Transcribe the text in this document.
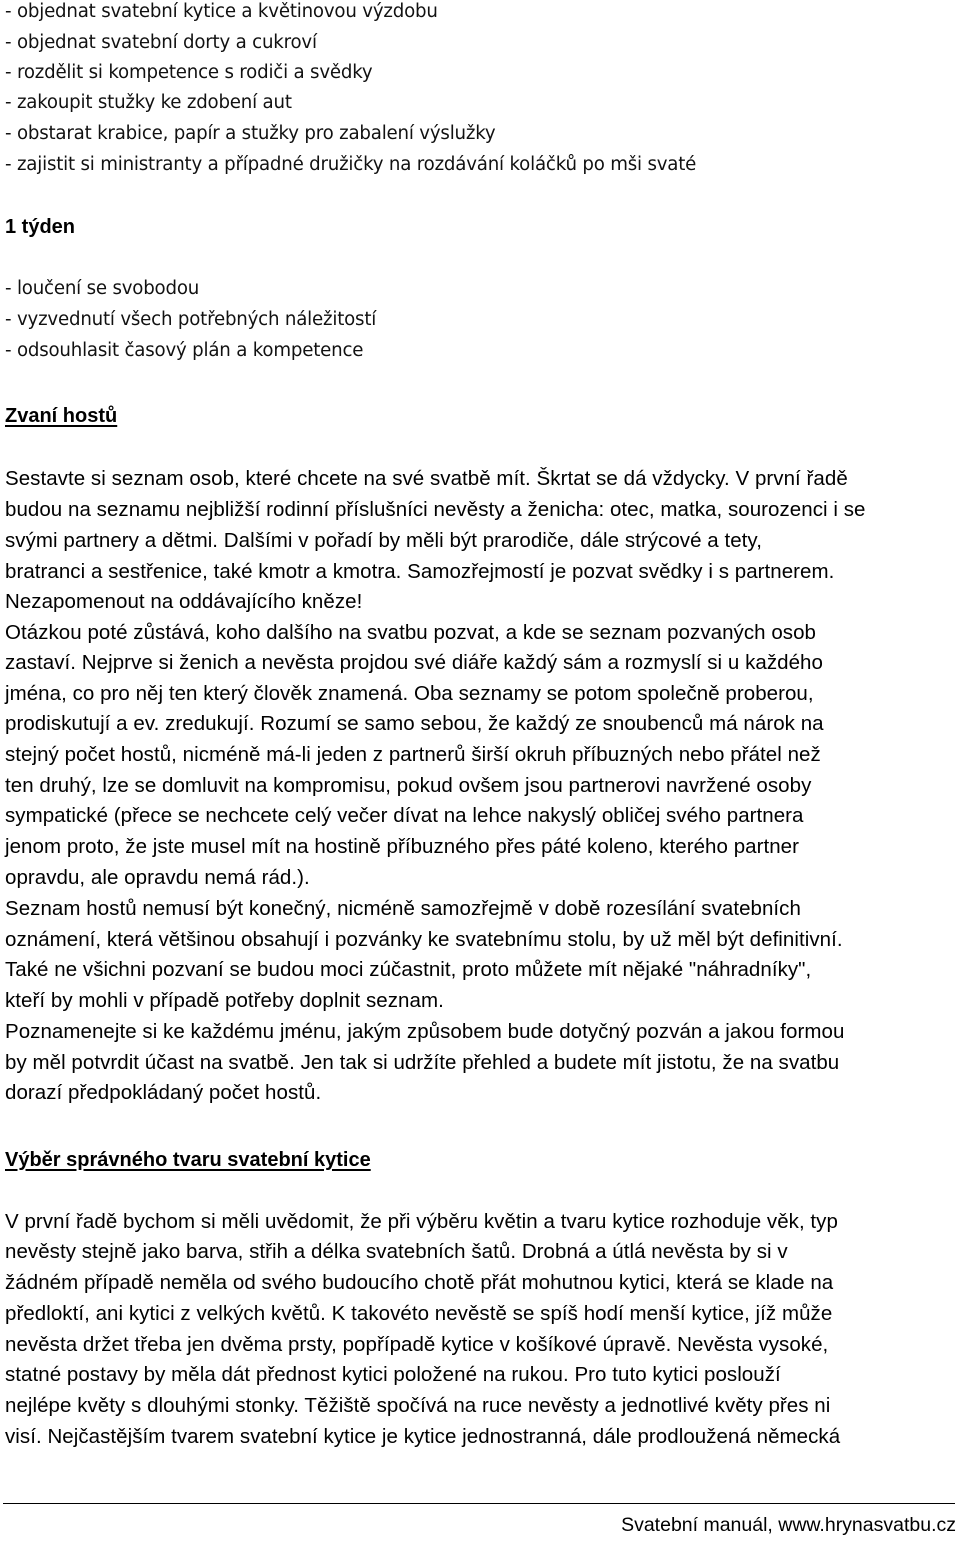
- objednat svatební kytice a květinovou výzdobu
- objednat svatební dorty a cukroví
- rozdělit si kompetence s rodiči a svědky
- zakoupit stužky ke zdobení aut
- obstarat krabice, papír a stužky pro zabalení výslužky
- zajistit si ministranty a případné družičky na rozdávání koláčků po mši svaté
1 týden
- loučení se svobodou
- vyzvednutí všech potřebných náležitostí
- odsouhlasit časový plán a kompetence
Zvaní hostů
Sestavte si seznam osob, které chcete na své svatbě mít. Škrtat se dá vždycky. V první řadě
budou na seznamu nejbližší rodinní příslušníci nevěsty a ženicha: otec, matka, sourozenci i se
svými partnery a dětmi. Dalšími v pořadí by měli být prarodiče, dále strýcové a tety,
bratranci a sestřenice, také kmotr a kmotra. Samozřejmostí je pozvat svědky i s partnerem.
Nezapomenout na oddávajícího kněze!
Otázkou poté zůstává, koho dalšího na svatbu pozvat, a kde se seznam pozvaných osob
zastaví. Nejprve si ženich a nevěsta projdou své diáře každý sám a rozmyslí si u každého
jména, co pro něj ten který člověk znamená. Oba seznamy se potom společně proberou,
prodiskutují a ev. zredukují. Rozumí se samo sebou, že každý ze snoubenců má nárok na
stejný počet hostů, nicméně má-li jeden z partnerů širší okruh příbuzných nebo přátel než
ten druhý, lze se domluvit na kompromisu, pokud ovšem jsou partnerovi navržené osoby
sympatické (přece se nechcete celý večer dívat na lehce nakyslý obličej svého partnera
jenom proto, že jste musel mít na hostině příbuzného přes páté koleno, kterého partner
opravdu, ale opravdu nemá rád.).
Seznam hostů nemusí být konečný, nicméně samozřejmě v době rozesílání svatebních
oznámení, která většinou obsahují i pozvánky ke svatebnímu stolu, by už měl být definitivní.
Také ne všichni pozvaní se budou moci zúčastnit, proto můžete mít nějaké "náhradníky",
kteří by mohli v případě potřeby doplnit seznam.
Poznamenejte si ke každému jménu, jakým způsobem bude dotyčný pozván a jakou formou
by měl potvrdit účast na svatbě. Jen tak si udržíte přehled a budete mít jistotu, že na svatbu
dorazí předpokládaný počet hostů.
Výběr správného tvaru svatební kytice
V první řadě bychom si měli uvědomit, že při výběru květin a tvaru kytice rozhoduje věk, typ
nevěsty stejně jako barva, střih a délka svatebních šatů. Drobná a útlá nevěsta by si v
žádném případě neměla od svého budoucího chotě přát mohutnou kytici, která se klade na
předloktí, ani kytici z velkých květů. K takovéto nevěstě se spíš hodí menší kytice, jíž může
nevěsta držet třeba jen dvěma prsty, popřípadě kytice v košíkové úpravě. Nevěsta vysoké,
statné postavy by měla dát přednost kytici položené na rukou. Pro tuto kytici poslouží
nejlépe květy s dlouhými stonky. Těžiště spočívá na ruce nevěsty a jednotlivé květy přes ni
visí. Nejčastějším tvarem svatební kytice je kytice jednostranná, dále prodloužená německá
Svatební manuál, www.hrynasvatbu.cz
